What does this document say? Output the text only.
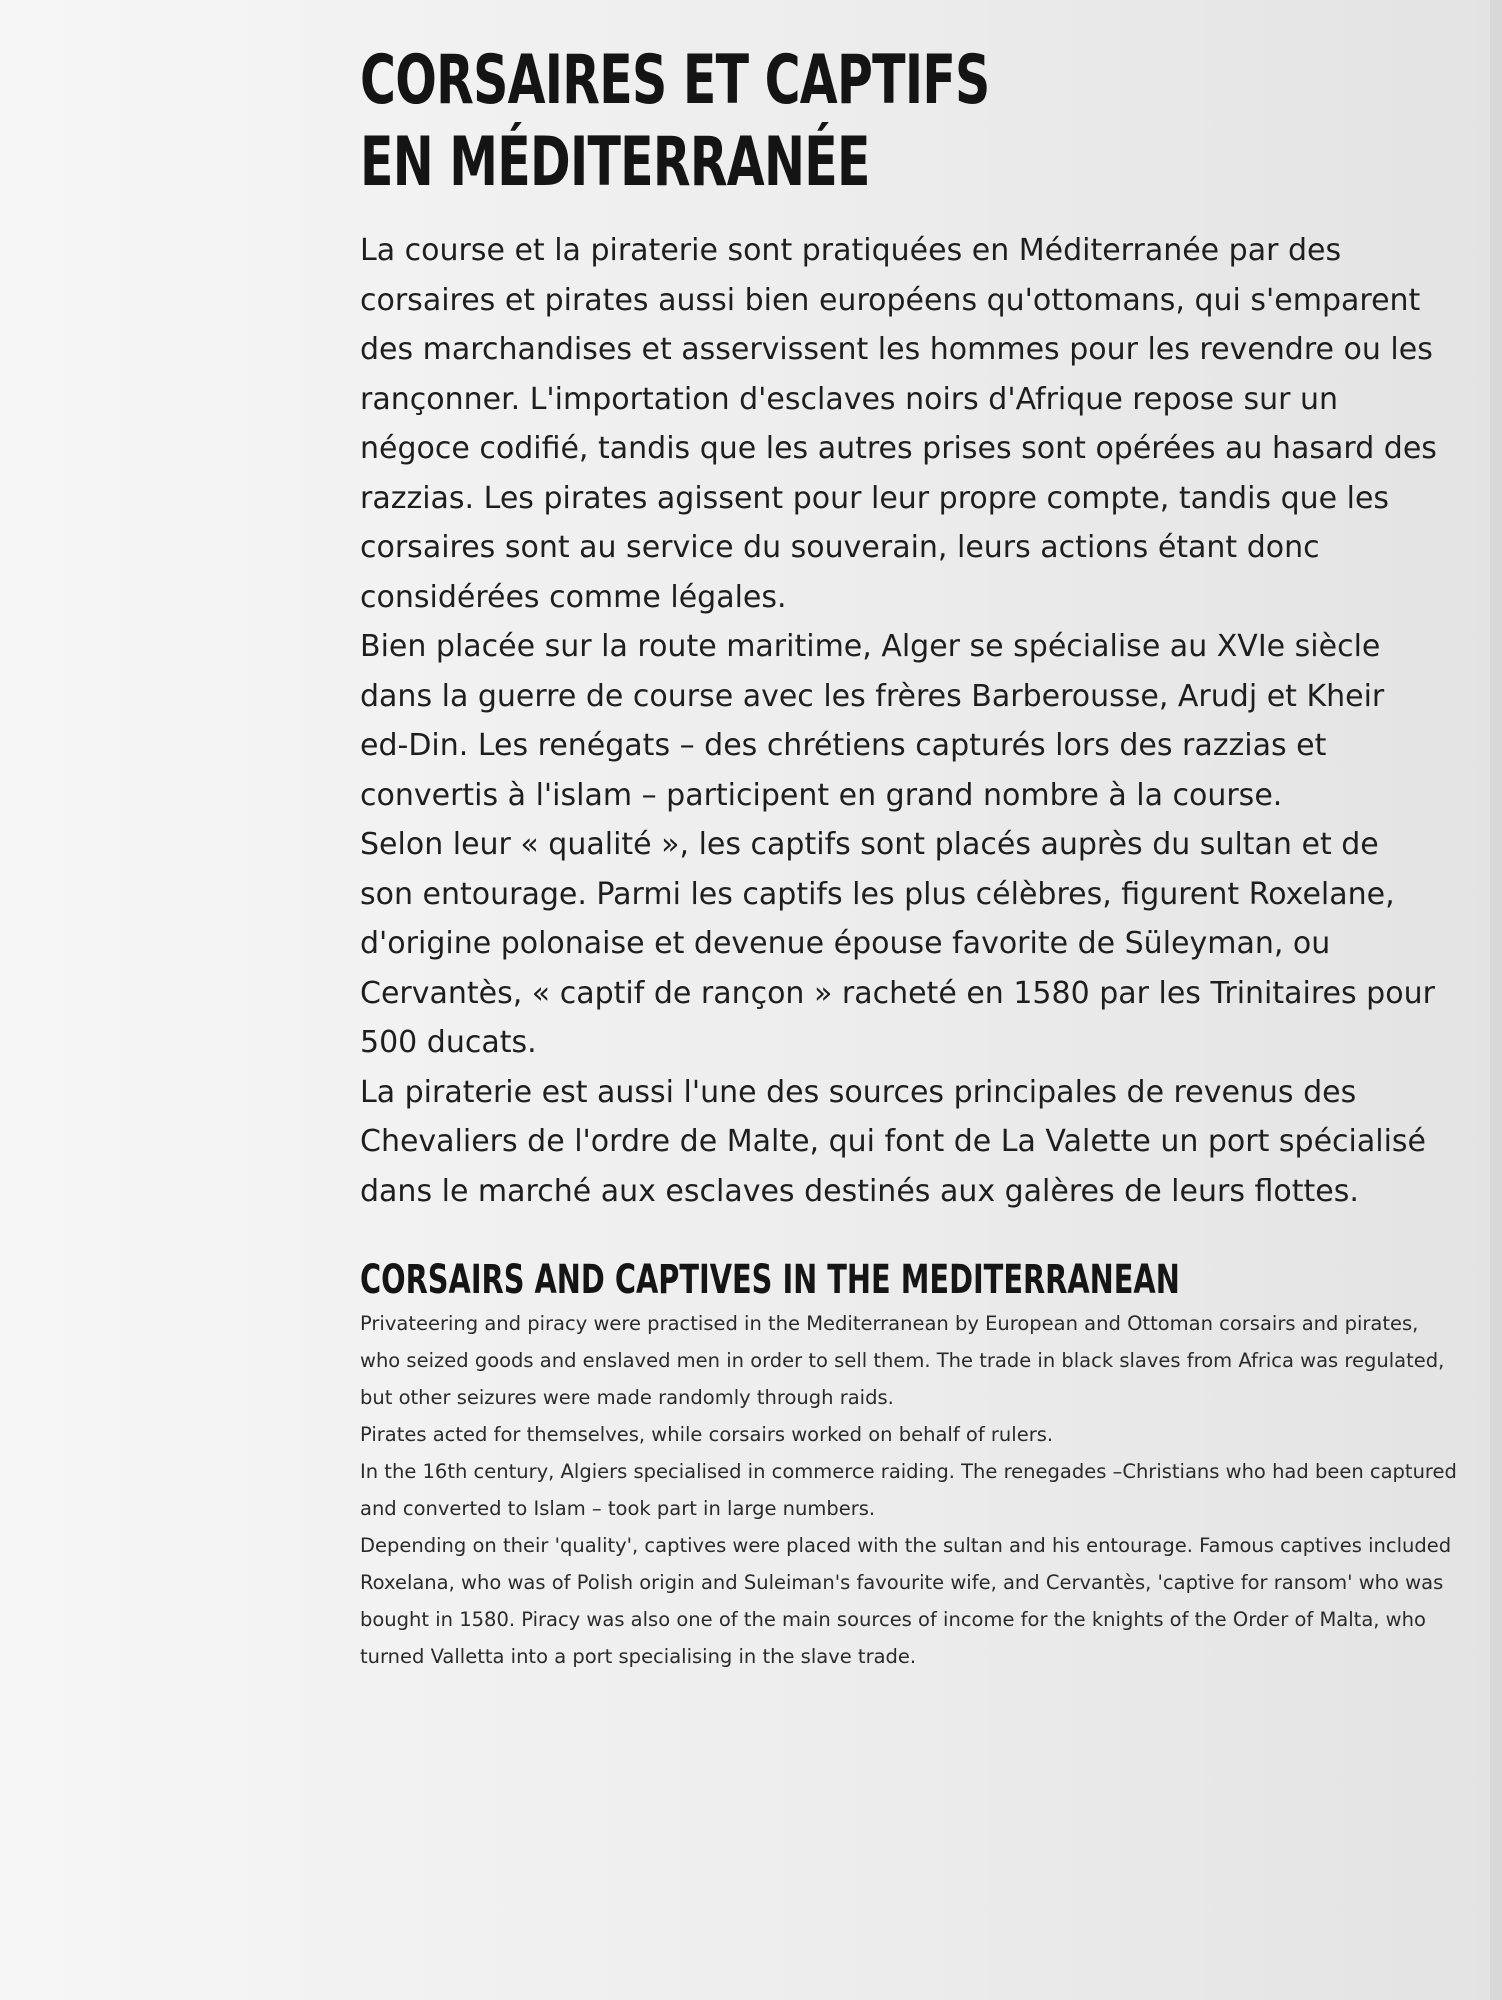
CORSAIRES ET CAPTIFS
EN MÉDITERRANÉE

La course et la piraterie sont pratiquées en Méditerranée par des corsaires et pirates aussi bien européens qu'ottomans, qui s'emparent des marchandises et asservissent les hommes pour les revendre ou les rançonner. L'importation d'esclaves noirs d'Afrique repose sur un négoce codifié, tandis que les autres prises sont opérées au hasard des razzias. Les pirates agissent pour leur propre compte, tandis que les corsaires sont au service du souverain, leurs actions étant donc considérées comme légales.

Bien placée sur la route maritime, Alger se spécialise au XVIe siècle dans la guerre de course avec les frères Barberousse, Arudj et Kheir ed-Din. Les renégats – des chrétiens capturés lors des razzias et convertis à l'islam – participent en grand nombre à la course.

Selon leur « qualité », les captifs sont placés auprès du sultan et de son entourage. Parmi les captifs les plus célèbres, figurent Roxelane, d'origine polonaise et devenue épouse favorite de Süleyman, ou Cervantès, « captif de rançon » racheté en 1580 par les Trinitaires pour 500 ducats.

La piraterie est aussi l'une des sources principales de revenus des Chevaliers de l'ordre de Malte, qui font de La Valette un port spécialisé dans le marché aux esclaves destinés aux galères de leurs flottes.

CORSAIRS AND CAPTIVES IN THE MEDITERRANEAN Privateering and piracy were practised in the Mediterranean by European and Ottoman corsairs and pirates, who seized goods and enslaved men in order to sell them. The trade in black slaves from Africa was regulated, but other seizures were made randomly through raids.

Pirates acted for themselves, while corsairs worked on behalf of rulers.

In the 16th century, Algiers specialised in commerce raiding. The renegades –Christians who had been captured and converted to Islam – took part in large numbers.

Depending on their 'quality', captives were placed with the sultan and his entourage. Famous captives included Roxelana, who was of Polish origin and Suleiman's favourite wife, and Cervantès, 'captive for ransom' who was bought in 1580. Piracy was also one of the main sources of income for the knights of the Order of Malta, who turned Valletta into a port specialising in the slave trade.
